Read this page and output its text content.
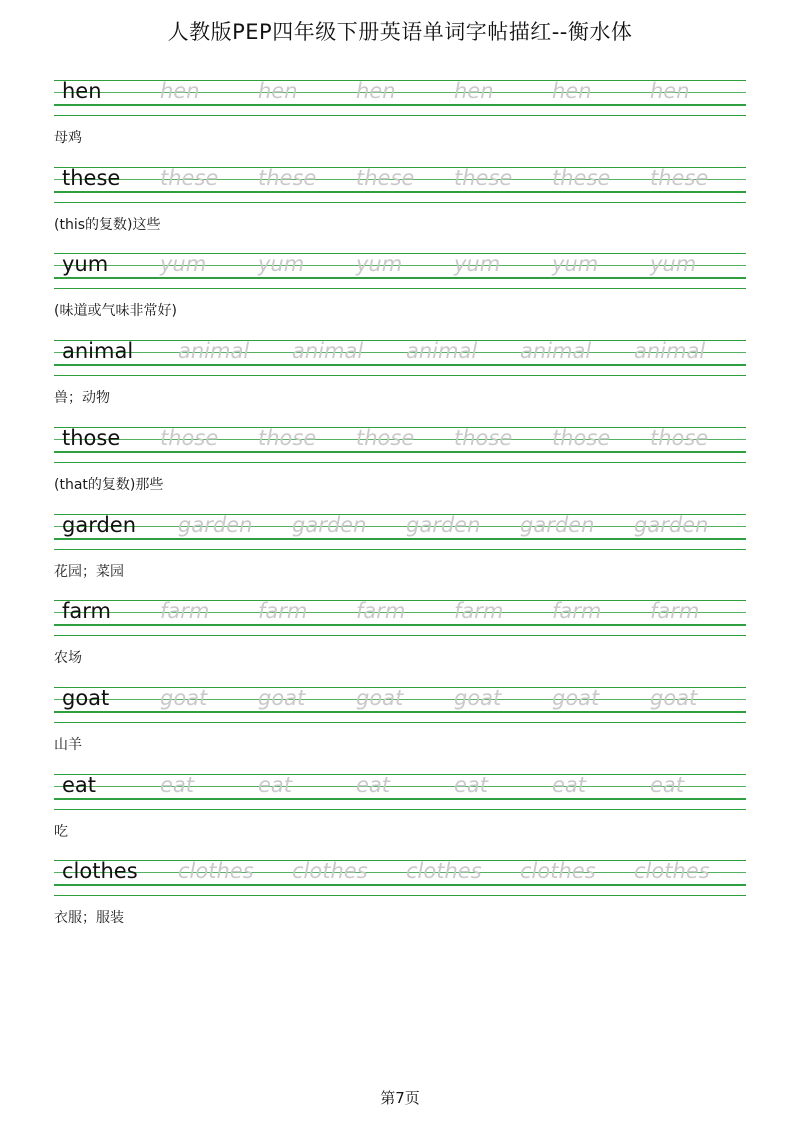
人教版PEP四年级下册英语单词字帖描红--衡水体
hen	hen	hen	hen	hen	hen	hen
母鸡
these these these these these these these
(this的复数)这些
yum yum yum yum yum yum yum
(味道或气味非常好)
animal animal animal animal animal animal
兽；动物
those those those those those those those
(that的复数)那些
garden garden garden garden garden garden
花园；菜园
farm farm farm farm farm farm farm
农场
goat goat goat goat goat goat goat
山羊
eat	eat	eat	eat	eat	eat	eat
吃
clothes clothes clothes clothes clothes clothes
衣服；服装
第7页
